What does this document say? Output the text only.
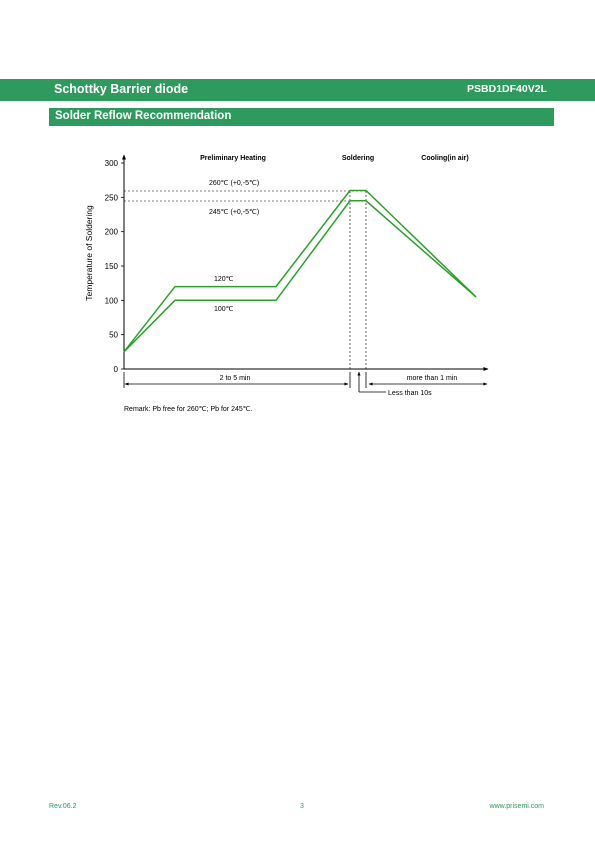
Schottky Barrier diode	PSBD1DF40V2L
Solder Reflow Recommendation
0
50
100
150
200
250
300
Temperature of Soldering
Preliminary Heating	Soldering	Cooling(in air)
260℃ (+0,-5℃)
245℃ (+0,-5℃)
120℃
100℃
2 to 5 min	more than 1 min
Less than 10s
Remark: Pb free for 260℃; Pb for 245℃.
Rev.06.2	3	www.prisemi.com
